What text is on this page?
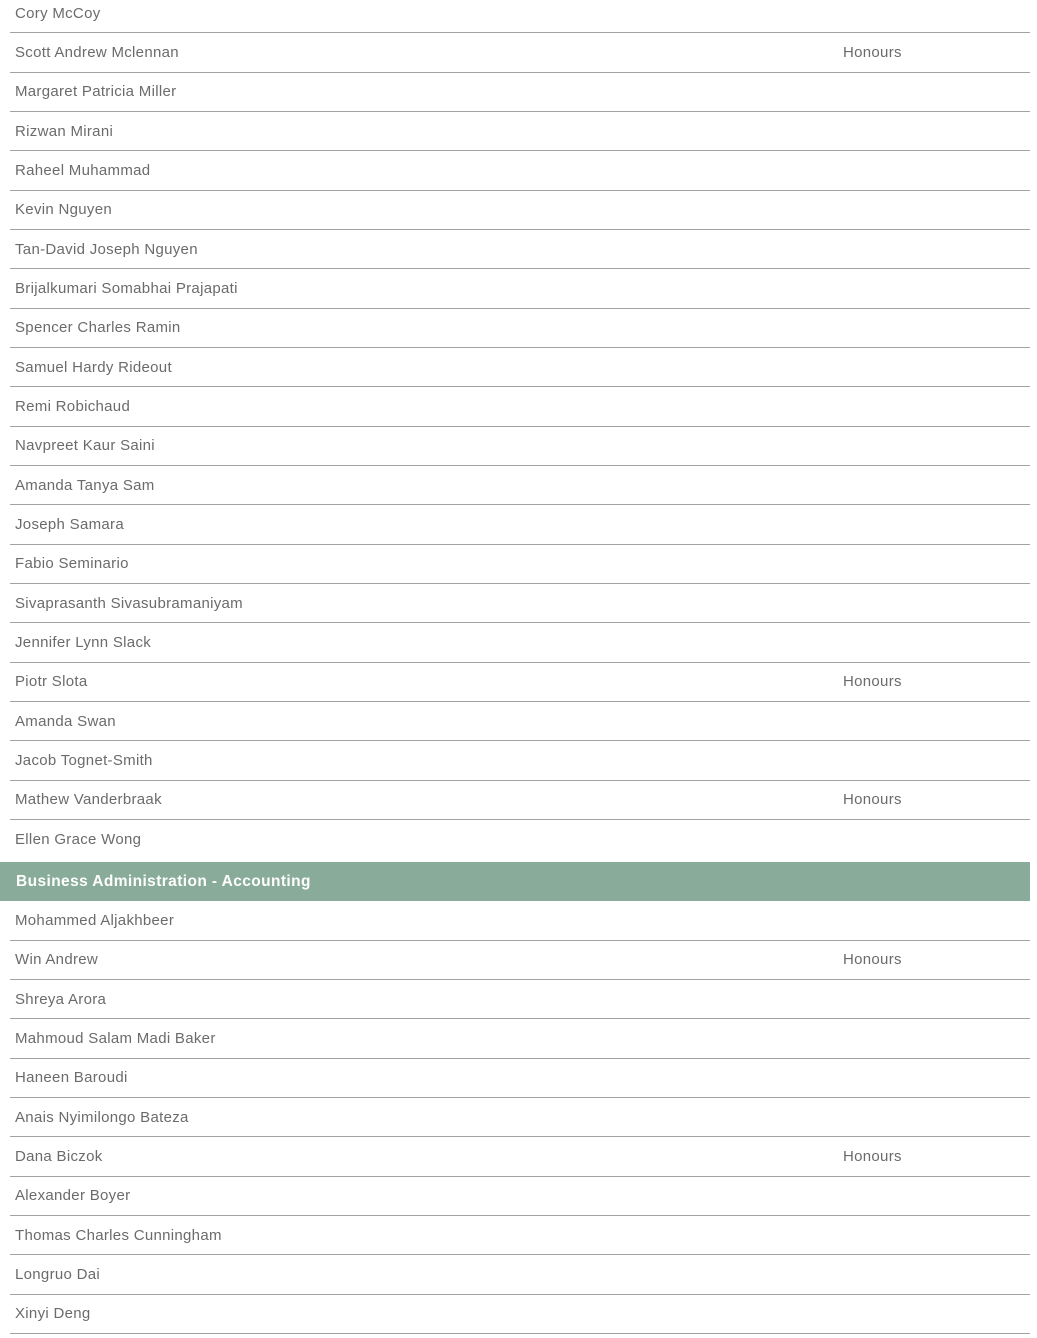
Cory McCoy
Scott Andrew Mclennan	Honours
Margaret Patricia Miller
Rizwan Mirani
Raheel Muhammad
Kevin Nguyen
Tan-David Joseph Nguyen
Brijalkumari Somabhai Prajapati
Spencer Charles Ramin
Samuel Hardy Rideout
Remi Robichaud
Navpreet Kaur Saini
Amanda Tanya Sam
Joseph Samara
Fabio Seminario
Sivaprasanth Sivasubramaniyam
Jennifer Lynn Slack
Piotr Slota	Honours
Amanda Swan
Jacob Tognet-Smith
Mathew Vanderbraak	Honours
Ellen Grace Wong
Business Administration - Accounting
Mohammed Aljakhbeer
Win Andrew	Honours
Shreya Arora
Mahmoud Salam Madi Baker
Haneen Baroudi
Anais Nyimilongo Bateza
Dana Biczok	Honours
Alexander Boyer
Thomas Charles Cunningham
Longruo Dai
Xinyi Deng
